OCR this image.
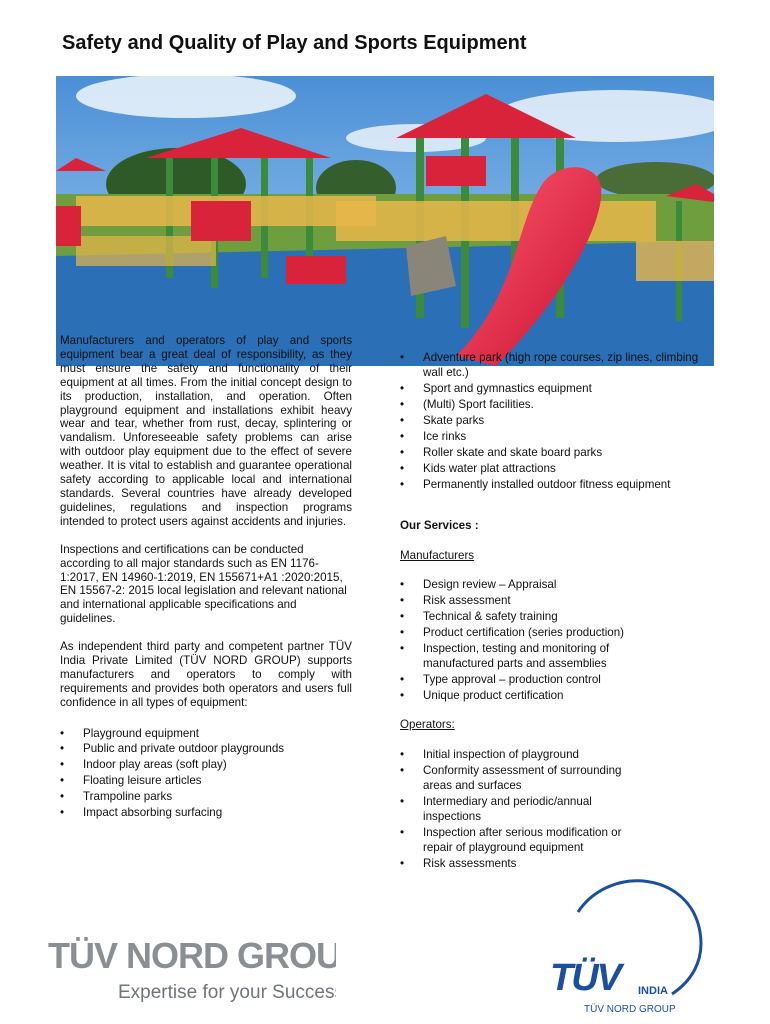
Safety and Quality of Play and Sports Equipment

Manufacturers and operators of play and sports equipment bear a great deal of responsibility, as they must ensure the safety and functionality of their equipment at all times. From the initial concept design to its production, installation, and operation. Often playground equipment and installations exhibit heavy wear and tear, whether from rust, decay, splintering or vandalism. Unforeseeable safety problems can arise with outdoor play equipment due to the effect of severe weather. It is vital to establish and guarantee operational safety according to applicable local and international standards. Several countries have already developed guidelines, regulations and inspection programs intended to protect users against accidents and injuries.

Inspections and certifications can be conducted according to all major standards such as EN 1176-1:2017, EN 14960-1:2019, EN 155671+A1 :2020:2015, EN 15567-2: 2015 local legislation and relevant national and international applicable specifications and guidelines.

As independent third party and competent partner TÜV India Private Limited (TÜV NORD GROUP) supports manufacturers and operators to comply with requirements and provides both operators and users full confidence in all types of equipment:

• Playground equipment
• Public and private outdoor playgrounds
• Indoor play areas (soft play)
• Floating leisure articles
• Trampoline parks
• Impact absorbing surfacing
• Adventure park (high rope courses, zip lines, climbing wall etc.)
• Sport and gymnastics equipment
• (Multi) Sport facilities.
• Skate parks
• Ice rinks
• Roller skate and skate board parks
• Kids water plat attractions
• Permanently installed outdoor fitness equipment
Our Services :
Manufacturers
• Design review – Appraisal
• Risk assessment
• Technical & safety training
• Product certification (series production)
• Inspection, testing and monitoring of manufactured parts and assemblies
• Type approval – production control
• Unique product certification
Operators:
• Initial inspection of playground
• Conformity assessment of surrounding areas and surfaces
• Intermediary and periodic/annual inspections
• Inspection after serious modification or repair of playground equipment
• Risk assessments
TÜV NORD GROUP
Expertise for your Success	TÜV	INDIA
TÜV NORD GROUP
